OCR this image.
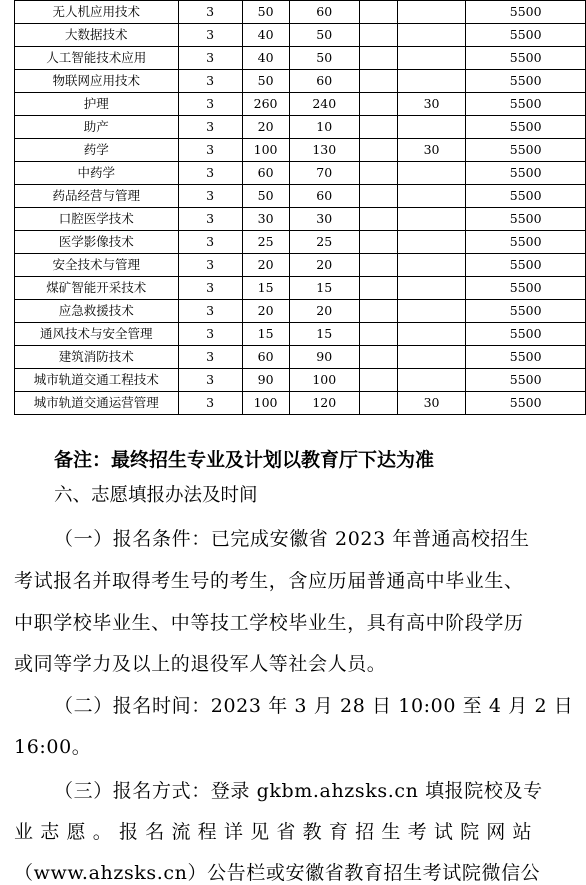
无人机应用技术	3	50	60			5500
大数据技术	3	40	50			5500
人工智能技术应用	3	40	50			5500
物联网应用技术	3	50	60			5500
护理	3	260	240		30	5500
助产	3	20	10			5500
药学	3	100	130		30	5500
中药学	3	60	70			5500
药品经营与管理	3	50	60			5500
口腔医学技术	3	30	30			5500
医学影像技术	3	25	25			5500
安全技术与管理	3	20	20			5500
煤矿智能开采技术	3	15	15			5500
应急救援技术	3	20	20			5500
通风技术与安全管理	3	15	15			5500
建筑消防技术	3	60	90			5500
城市轨道交通工程技术	3	90	100			5500
城市轨道交通运营管理	3	100	120		30	5500
备注：最终招生专业及计划以教育厅下达为准
六、志愿填报办法及时间
（一）报名条件：已完成安徽省 2023 年普通高校招生
考试报名并取得考生号的考生，含应历届普通高中毕业生、
中职学校毕业生、中等技工学校毕业生，具有高中阶段学历
或同等学力及以上的退役军人等社会人员。
（二）报名时间：2023 年 3 月 28 日 10:00 至 4 月 2 日
16:00。
（三）报名方式：登录 gkbm.ahzsks.cn 填报院校及专
业 志 愿 。 报 名 流 程 详 见 省 教 育 招 生 考 试 院 网 站
（www.ahzsks.cn）公告栏或安徽省教育招生考试院微信公
